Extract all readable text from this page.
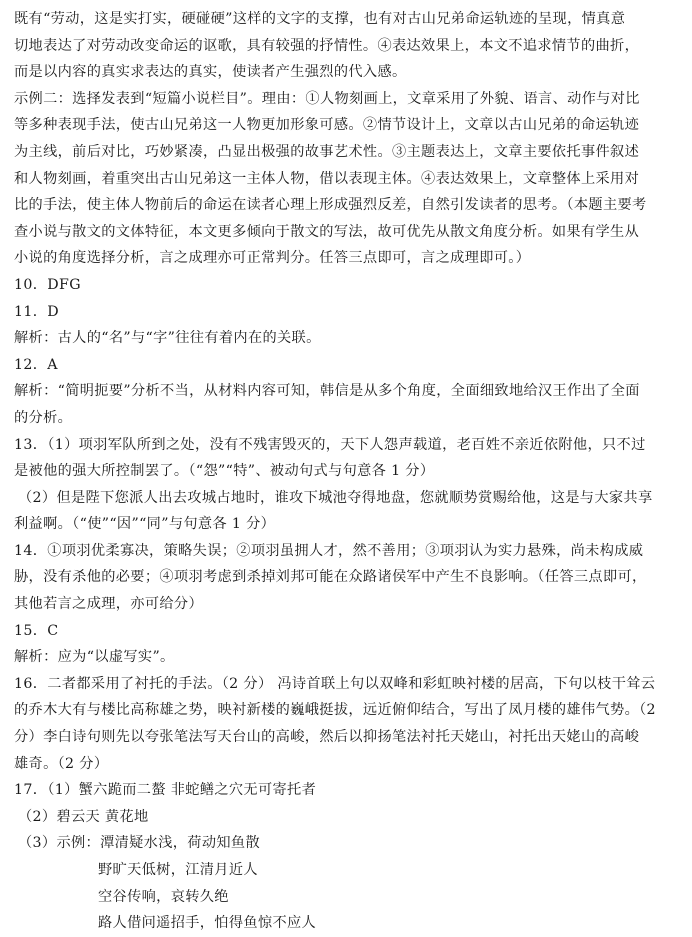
既有“劳动，这是实打实，硬碰硬”这样的文字的支撑，也有对古山兄弟命运轨迹的呈现，情真意
切地表达了对劳动改变命运的讴歌，具有较强的抒情性。④表达效果上，本文不追求情节的曲折，
而是以内容的真实求表达的真实，使读者产生强烈的代入感。
示例二：选择发表到“短篇小说栏目”。理由：①人物刻画上，文章采用了外貌、语言、动作与对比
等多种表现手法，使古山兄弟这一人物更加形象可感。②情节设计上，文章以古山兄弟的命运轨迹
为主线，前后对比，巧妙紧凑，凸显出极强的故事艺术性。③主题表达上，文章主要依托事件叙述
和人物刻画，着重突出古山兄弟这一主体人物，借以表现主体。④表达效果上，文章整体上采用对
比的手法，使主体人物前后的命运在读者心理上形成强烈反差，自然引发读者的思考。（本题主要考
查小说与散文的文体特征，本文更多倾向于散文的写法，故可优先从散文角度分析。如果有学生从
小说的角度选择分析，言之成理亦可正常判分。任答三点即可，言之成理即可。）
10．DFG
11．D
解析：古人的“名”与“字”往往有着内在的关联。
12．A
解析：“简明扼要”分析不当，从材料内容可知，韩信是从多个角度，全面细致地给汉王作出了全面
的分析。
13．（1）项羽军队所到之处，没有不残害毁灭的，天下人怨声载道，老百姓不亲近依附他，只不过
是被他的强大所控制罢了。（“怨”“特”、被动句式与句意各 1 分）
（2）但是陛下您派人出去攻城占地时，谁攻下城池夺得地盘，您就顺势赏赐给他，这是与大家共享
利益啊。（“使”“因”“同”与句意各 1 分）
14．①项羽优柔寡决，策略失误；②项羽虽拥人才，然不善用；③项羽认为实力悬殊，尚未构成威
胁，没有杀他的必要；④项羽考虑到杀掉刘邦可能在众路诸侯军中产生不良影响。（任答三点即可，
其他若言之成理，亦可给分）
15．C
解析：应为“以虚写实”。
16．二者都采用了衬托的手法。（2 分） 冯诗首联上句以双峰和彩虹映衬楼的居高，下句以枝干耸云
的乔木大有与楼比高称雄之势，映衬新楼的巍峨挺拔，远近俯仰结合，写出了凤月楼的雄伟气势。（2
分）李白诗句则先以夸张笔法写天台山的高峻，然后以抑扬笔法衬托天姥山，衬托出天姥山的高峻
雄奇。（2 分）
17．（1）蟹六跪而二螯 非蛇鳝之穴无可寄托者
（2）碧云天 黄花地
（3）示例：潭清疑水浅，荷动知鱼散
野旷天低树，江清月近人
空谷传响，哀转久绝
路人借问遥招手，怕得鱼惊不应人
